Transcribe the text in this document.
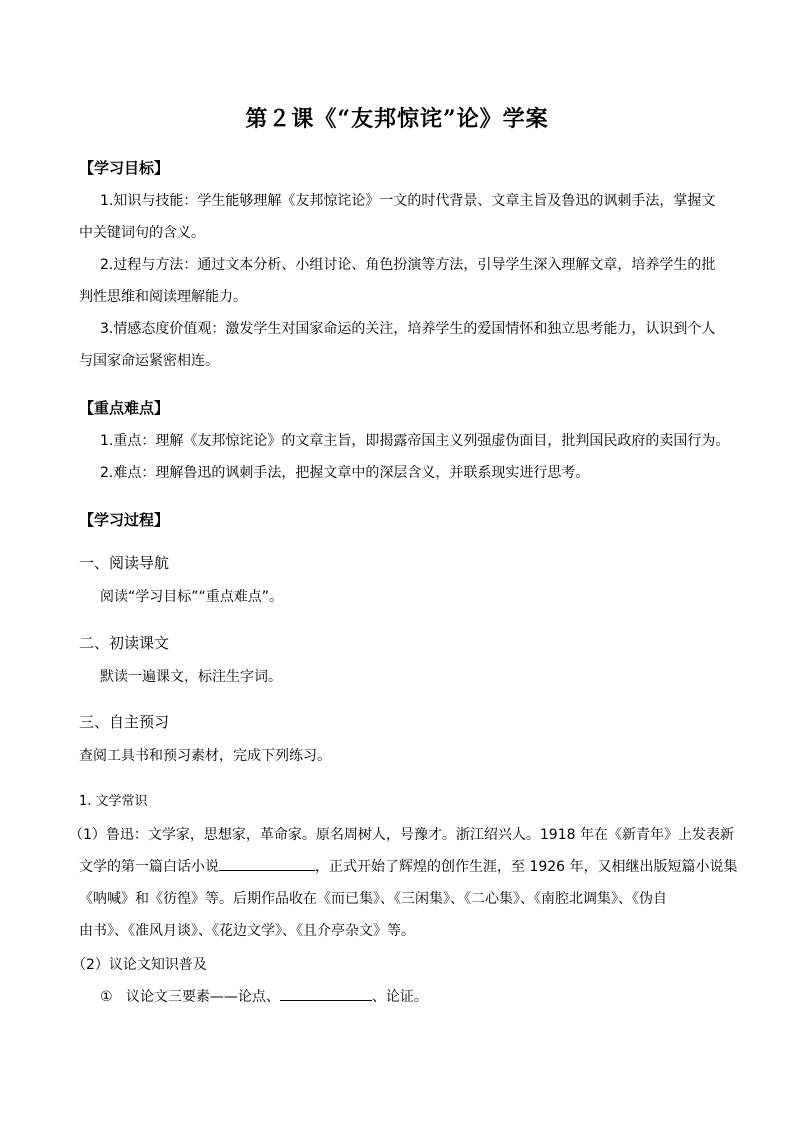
第２课《“友邦惊诧”论》学案
【学习目标】
1.知识与技能：学生能够理解《友邦惊诧论》一文的时代背景、文章主旨及鲁迅的讽刺手法，掌握文
中关键词句的含义。
2.过程与方法：通过文本分析、小组讨论、角色扮演等方法，引导学生深入理解文章，培养学生的批
判性思维和阅读理解能力。
3.情感态度价值观：激发学生对国家命运的关注，培养学生的爱国情怀和独立思考能力，认识到个人
与国家命运紧密相连。
【重点难点】
1.重点：理解《友邦惊诧论》的文章主旨，即揭露帝国主义列强虚伪面目，批判国民政府的卖国行为。
2.难点：理解鲁迅的讽刺手法，把握文章中的深层含义，并联系现实进行思考。
【学习过程】
一、阅读导航
阅读“学习目标”“重点难点”。
二、初读课文
默读一遍课文，标注生字词。
三、自主预习
查阅工具书和预习素材，完成下列练习。
1. 文学常识
（1）鲁迅：文学家，思想家，革命家。原名周树人，号豫才。浙江绍兴人。1918 年在《新青年》上发表新
文学的第一篇白话小说	，正式开始了辉煌的创作生涯，至 1926 年，又相继出版短篇小说集
《呐喊》和《彷徨》等。后期作品收在《而已集》、《三闲集》、《二心集》、《南腔北调集》、《伪自
由书》、《准风月谈》、《花边文学》、《且介亭杂文》等。
（2）议论文知识普及
① 议论文三要素——论点、	、论证。
